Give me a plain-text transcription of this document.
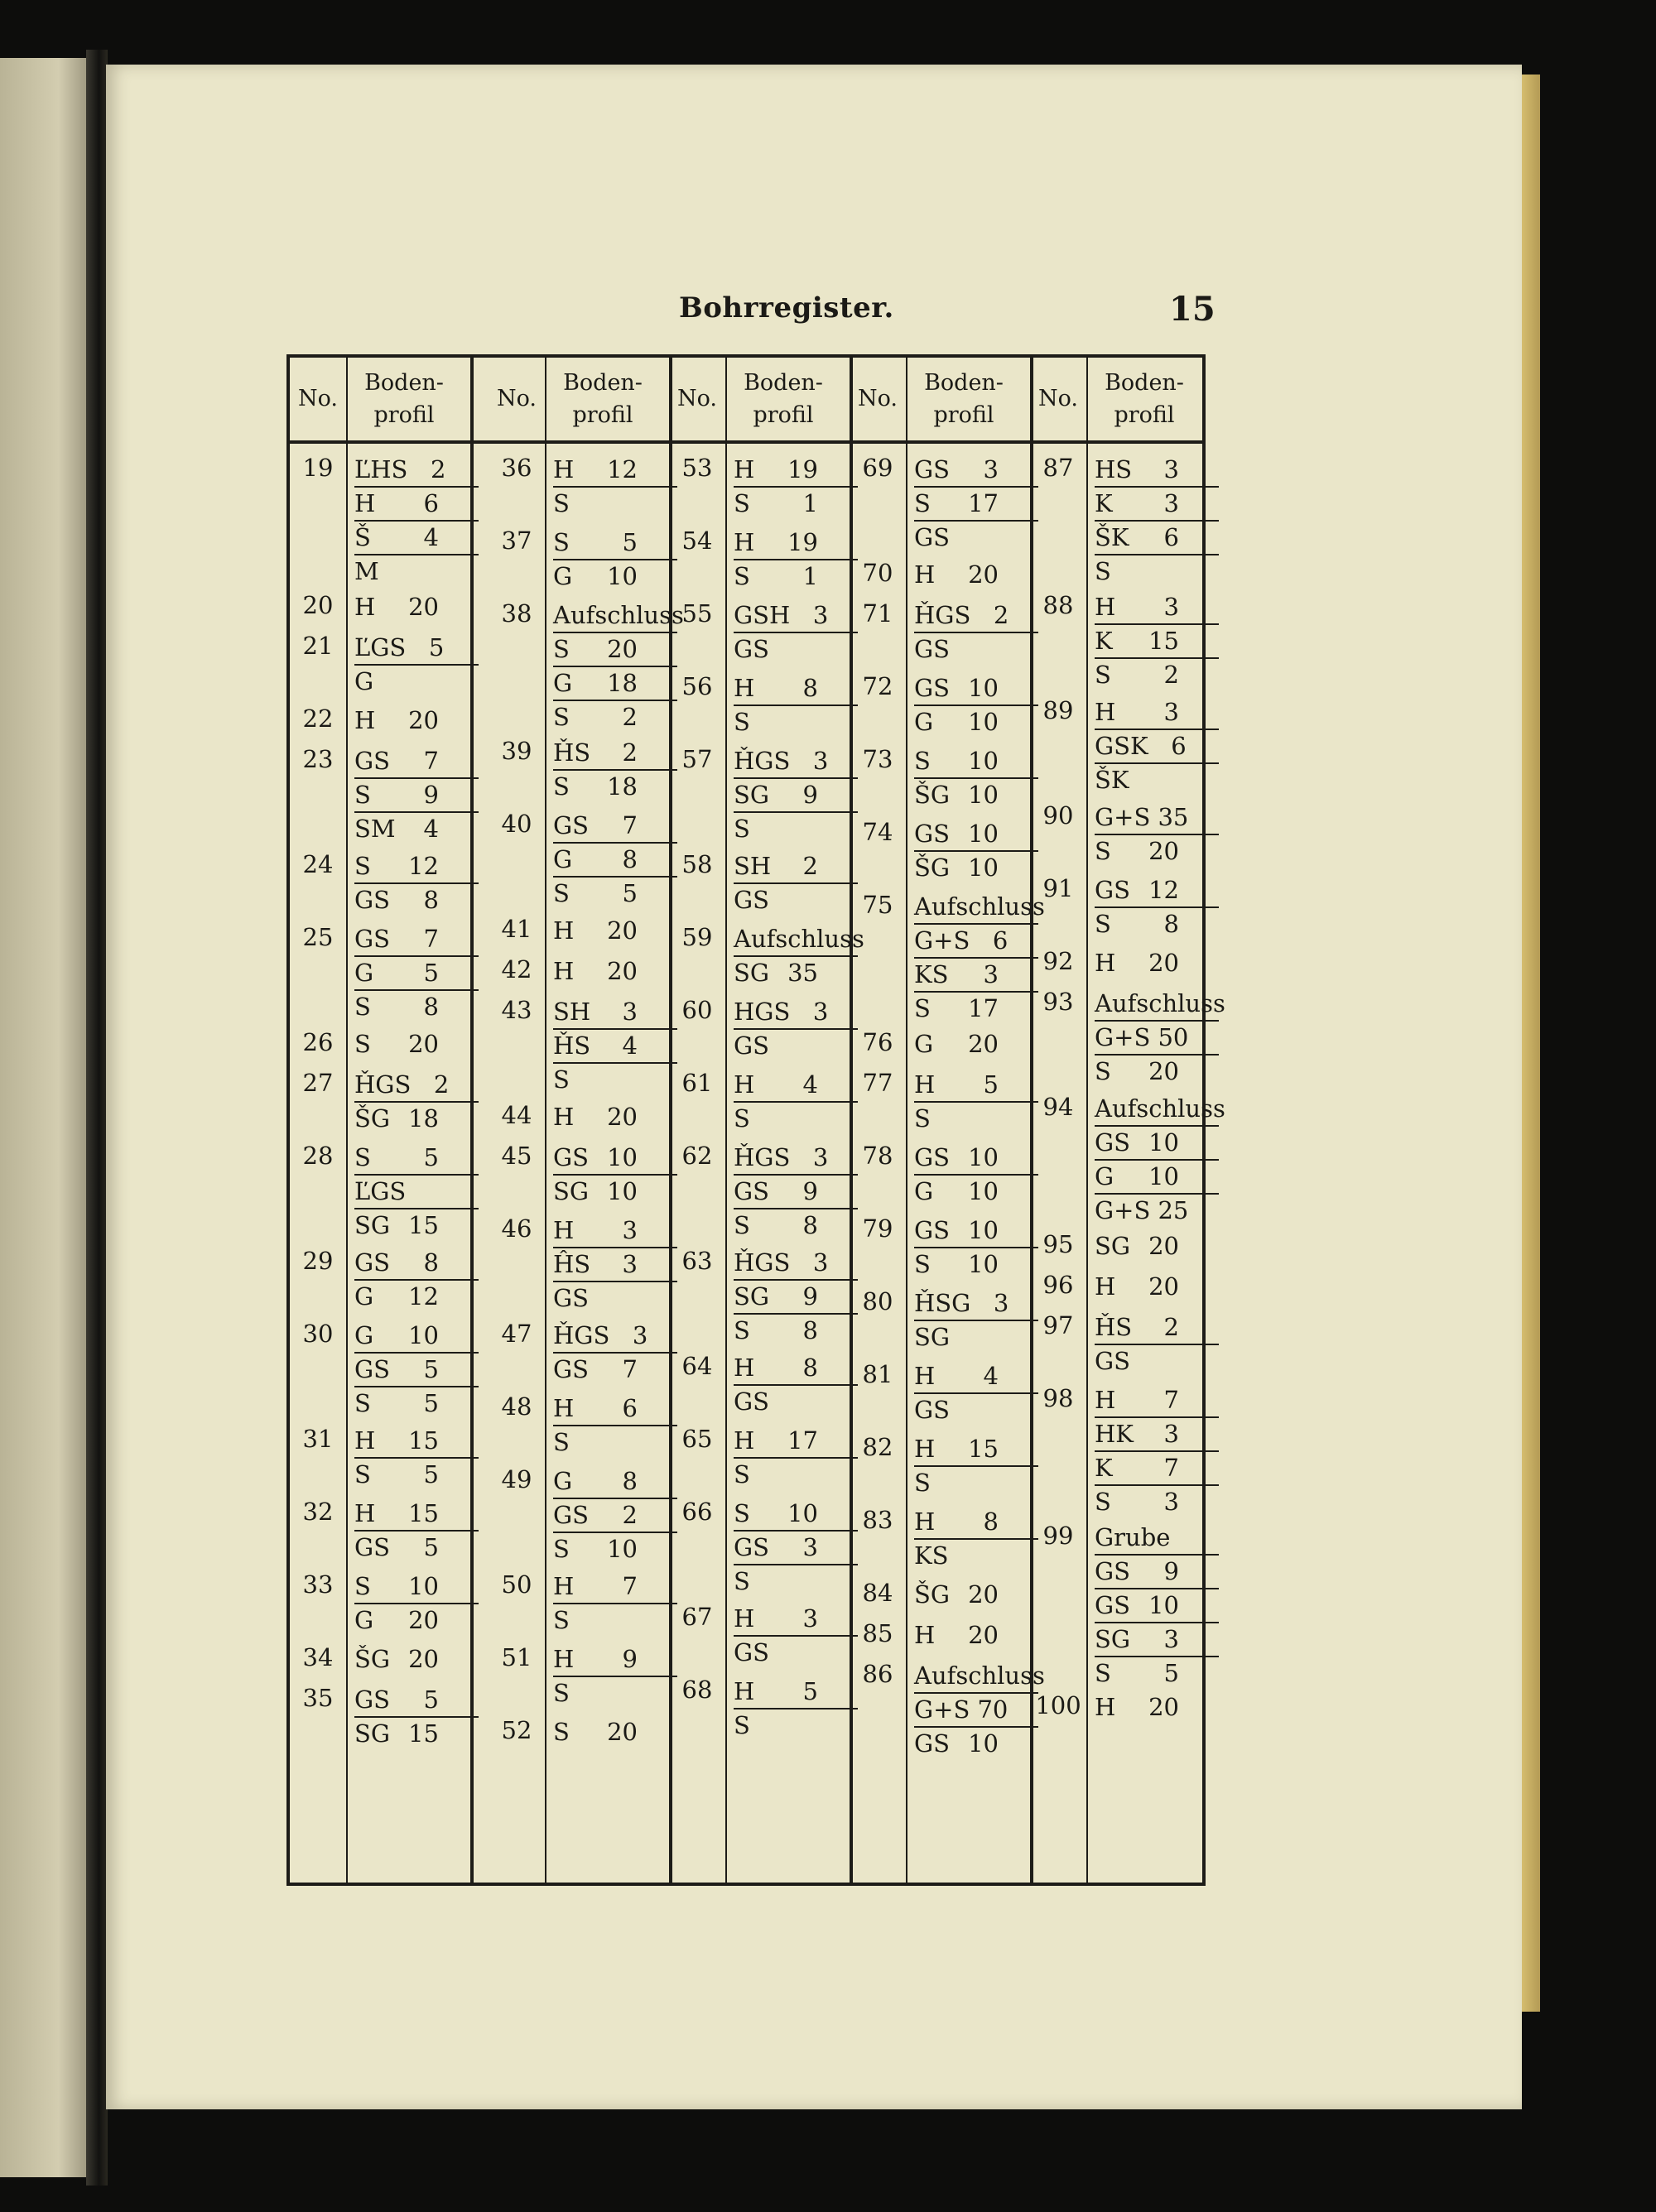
Bohrregister.	15
No.
Boden-
profil
No.
Boden-
profil
No.
Boden-
profil
No.
Boden-
profil
No.
Boden-
profil
19 ĽHS 2
H 6
Š 4
M
20 H 20
21 ĽGS 5
G
22 H 20
23 GS 7
S 9
SM 4
24 S 12
GS 8
25 GS 7
G 5
S 8
26 S 20
27 ȞGS 2
ŠG 18
28 S 5
ĽGS
SG 15
29 GS 8
G 12
30 G 10
GS 5
S 5
31 H 15
S 5
32 H 15
GS 5
33 S 10
G 20
34 ŠG 20
35 GS 5
SG 15
36 H 12
S
37 S 5
G 10
38 Aufschluss
S 20
G 18
S 2
39 ȞS 2
S 18
40 GS 7
G 8
S 5
41 H 20
42 H 20
43 SH 3
ȞS 4
S
44 H 20
45 GS 10
SG 10
46 H 3
ĤS 3
GS
47 ȞGS 3
GS 7
48 H 6
S
49 G 8
GS 2
S 10
50 H 7
S
51 H 9
S
52 S 20
53 H 19
S 1
54 H 19
S 1
55 GSH 3
GS
56 H 8
S
57 ȞGS 3
SG 9
S
58 SH 2
GS
59 Aufschluss
SG 35
60 HGS 3
GS
61 H 4
S
62 ȞGS 3
GS 9
S 8
63 ȞGS 3
SG 9
S 8
64 H 8
GS
65 H 17
S
66 S 10
GS 3
S
67 H 3
GS
68 H 5
S
69 GS 3
S 17
GS
70 H 20
71 ȞGS 2
GS
72 GS 10
G 10
73 S 10
ŠG 10
74 GS 10
ŠG 10
75 Aufschluss
G+S 6
KS 3
S 17
76 G 20
77 H 5
S
78 GS 10
G 10
79 GS 10
S 10
80 ȞSG 3
SG
81 H 4
GS
82 H 15
S
83 H 8
KS
84 ŠG 20
85 H 20
86 Aufschluss
G+S 70
GS 10
87 HS 3
K 3
ŠK 6
S
88 H 3
K 15
S 2
89 H 3
GSK 6
ŠK
90 G+S 35
S 20
91 GS 12
S 8
92 H 20
93 Aufschluss
G+S 50
S 20
94 Aufschluss
GS 10
G 10
G+S 25
95 SG 20
96 H 20
97 ȞS 2
GS
98 H 7
HK 3
K 7
S 3
99 Grube
GS 9
GS 10
SG 3
S 5
100 H 20
